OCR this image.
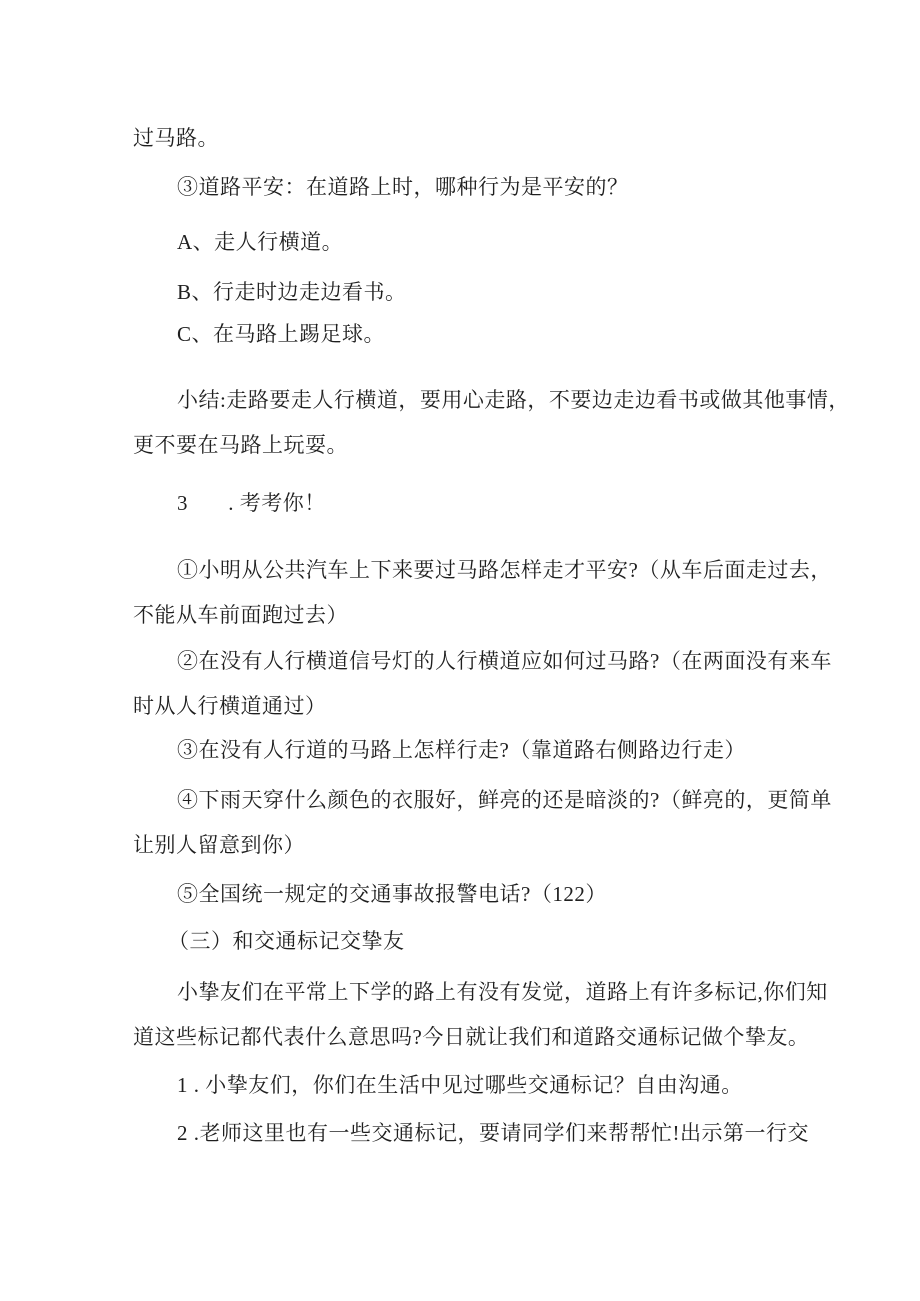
过马路。
③道路平安：在道路上时，哪种行为是平安的？
A、走人行横道。
B、行走时边走边看书。
C、在马路上踢足球。
小结:走路要走人行横道，要用心走路，不要边走边看书或做其他事情，
更不要在马路上玩耍。
3       . 考考你！
①小明从公共汽车上下来要过马路怎样走才平安?（从车后面走过去，
不能从车前面跑过去）
②在没有人行横道信号灯的人行横道应如何过马路?（在两面没有来车
时从人行横道通过）
③在没有人行道的马路上怎样行走?（靠道路右侧路边行走）
④下雨天穿什么颜色的衣服好，鲜亮的还是暗淡的?（鲜亮的，更简单
让别人留意到你）
⑤全国统一规定的交通事故报警电话?（122）
（三）和交通标记交挚友
小挚友们在平常上下学的路上有没有发觉，道路上有许多标记,你们知
道这些标记都代表什么意思吗?今日就让我们和道路交通标记做个挚友。
1 . 小挚友们，你们在生活中见过哪些交通标记？自由沟通。
2 .老师这里也有一些交通标记，要请同学们来帮帮忙!出示第一行交
